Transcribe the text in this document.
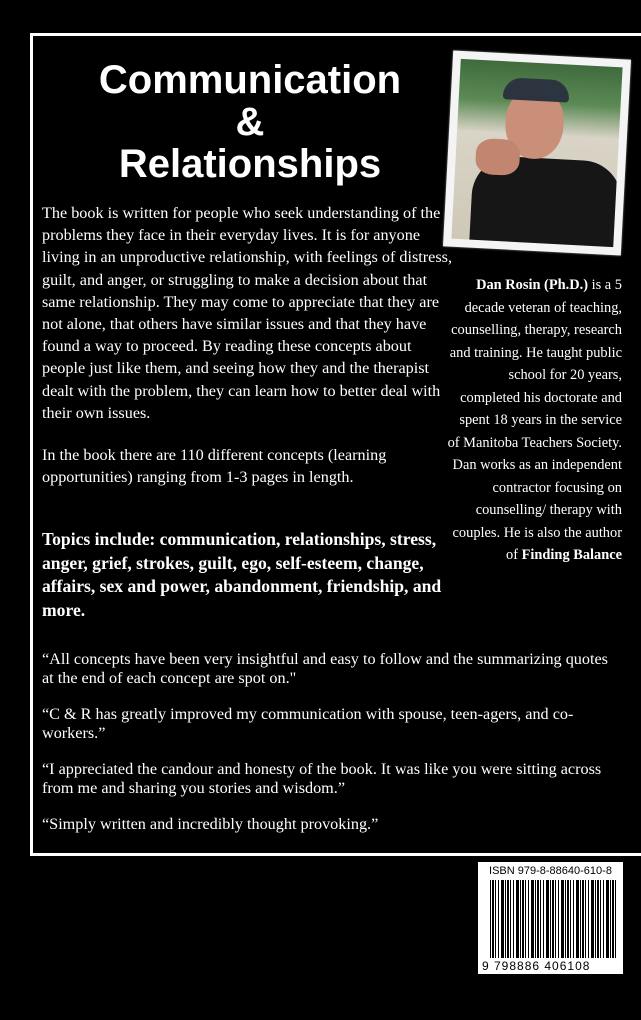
Communication
&
Relationships

The book is written for people who seek understanding of the problems they face in their everyday lives. It is for anyone living in an unproductive relationship, with feelings of distress, guilt, and anger, or struggling to make a decision about that same relationship. They may come to appreciate that they are not alone, that others have similar issues and that they have found a way to proceed. By reading these concepts about people just like them, and seeing how they and the therapist dealt with the problem, they can learn how to better deal with their own issues.

In the book there are 110 different concepts (learning opportunities) ranging from 1-3 pages in length.

Topics include: communication, relationships, stress, anger, grief, strokes, guilt, ego, self-esteem, change, affairs, sex and power, abandonment, friendship, and more.
Dan Rosin (Ph.D.) is a 5 decade veteran of teaching, counselling, therapy, research and training. He taught public school for 20 years, completed his doctorate and spent 18 years in the service of Manitoba Teachers Society. Dan works as an independent contractor focusing on counselling/ therapy with couples. He is also the author of Finding Balance

“All concepts have been very insightful and easy to follow and the summarizing quotes at the end of each concept are spot on."

“C & R has greatly improved my communication with spouse, teen-agers, and co-workers.”

“I appreciated the candour and honesty of the book. It was like you were sitting across from me and sharing you stories and wisdom.”

“Simply written and incredibly thought provoking.”

ISBN 979-8-88640-610-8
9 798886 406108
